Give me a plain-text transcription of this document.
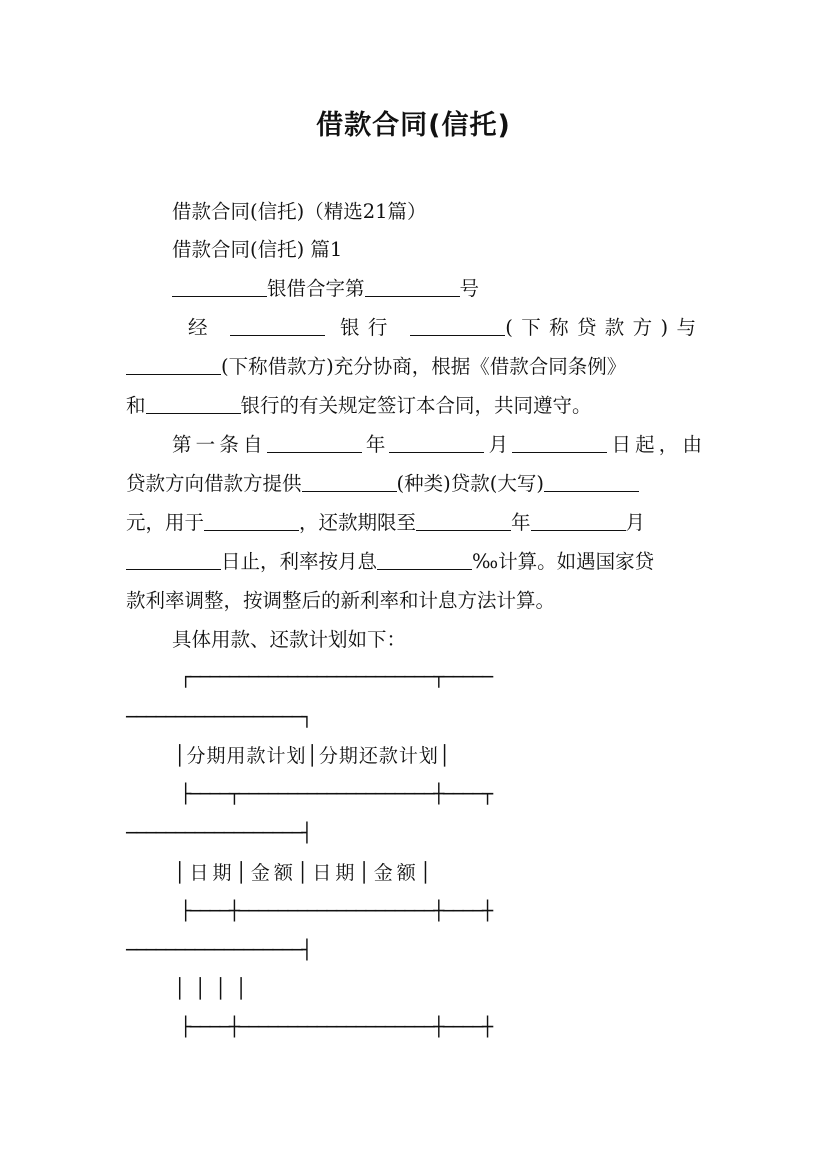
借款合同(信托)
借款合同(信托)（精选21篇）
借款合同(信托) 篇1
银借合字第	号
经	银行	(下称贷款方)与
(下称借款方)充分协商，根据《借款合同条例》
和	银行的有关规定签订本合同，共同遵守。
第一条自	年	月	日起，由
贷款方向借款方提供	(种类)贷款(大写)
元，用于	，还款期限至	年	月
日止，利率按月息	‰计算。如遇国家贷
款利率调整，按调整后的新利率和计息方法计算。
具体用款、还款计划如下：
┌─────────────────────────┬─────
──────────────────┐
│分期用款计划│分期还款计划│
├────┬────────────────────┼────┬
──────────────────┤
│日期│金额│日期│金额│
├────┼────────────────────┼────┼
──────────────────┤
││││
├────┼────────────────────┼────┼
